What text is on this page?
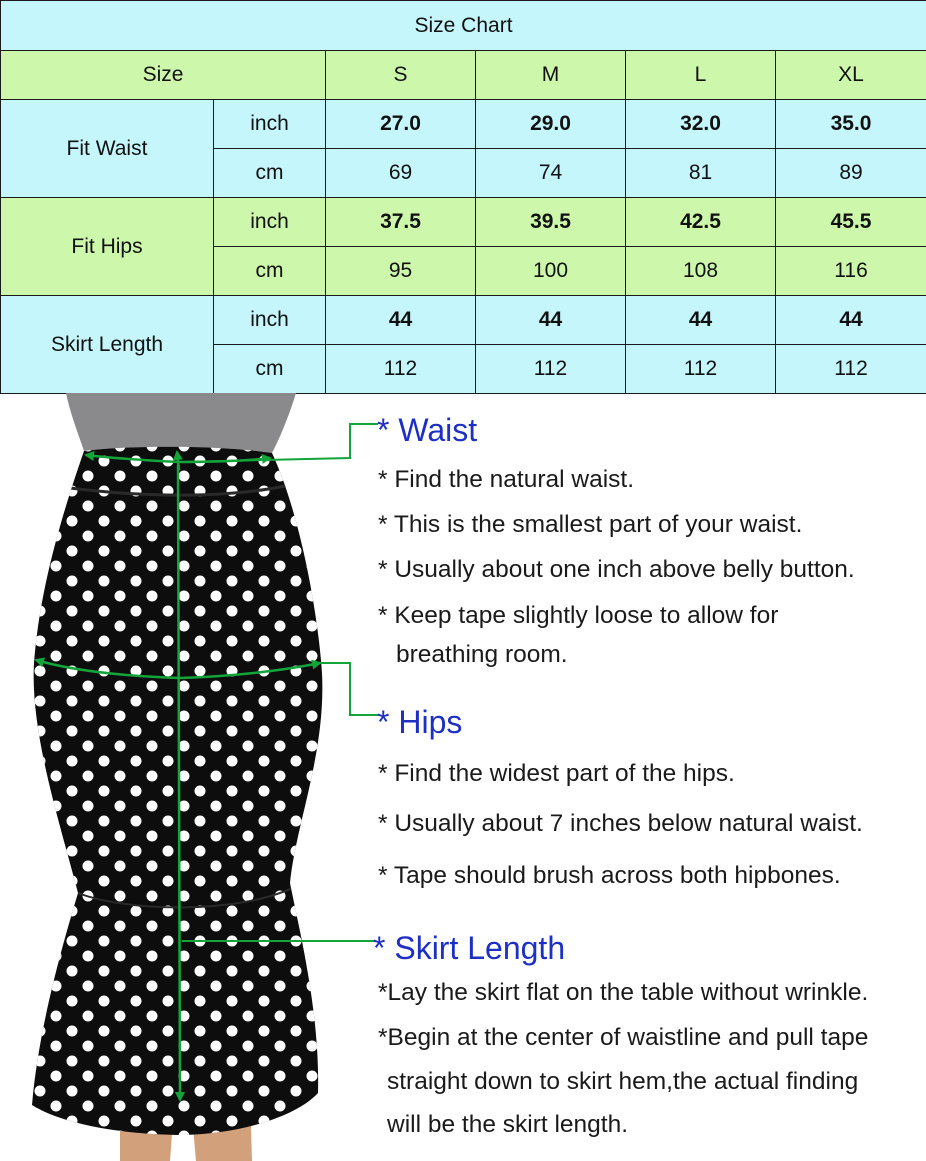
Size Chart					
Size		S	M	L	XL
Fit Waist	inch	27.0	29.0	32.0	35.0
	cm	69	74	81	89
Fit Hips	inch	37.5	39.5	42.5	45.5
	cm	95	100	108	116
Skirt Length	inch	44	44	44	44
	cm	112	112	112	112
* Waist
* Find the natural waist.
* This is the smallest part of your waist.
* Usually about one inch above belly button.
* Keep tape slightly loose to allow for
breathing room.
* Hips
* Find the widest part of the hips.
* Usually about 7 inches below natural waist.
* Tape should brush across both hipbones.
* Skirt Length
*Lay the skirt flat on the table without wrinkle.
*Begin at the center of waistline and pull tape
straight down to skirt hem,the actual finding
will be the skirt length.
